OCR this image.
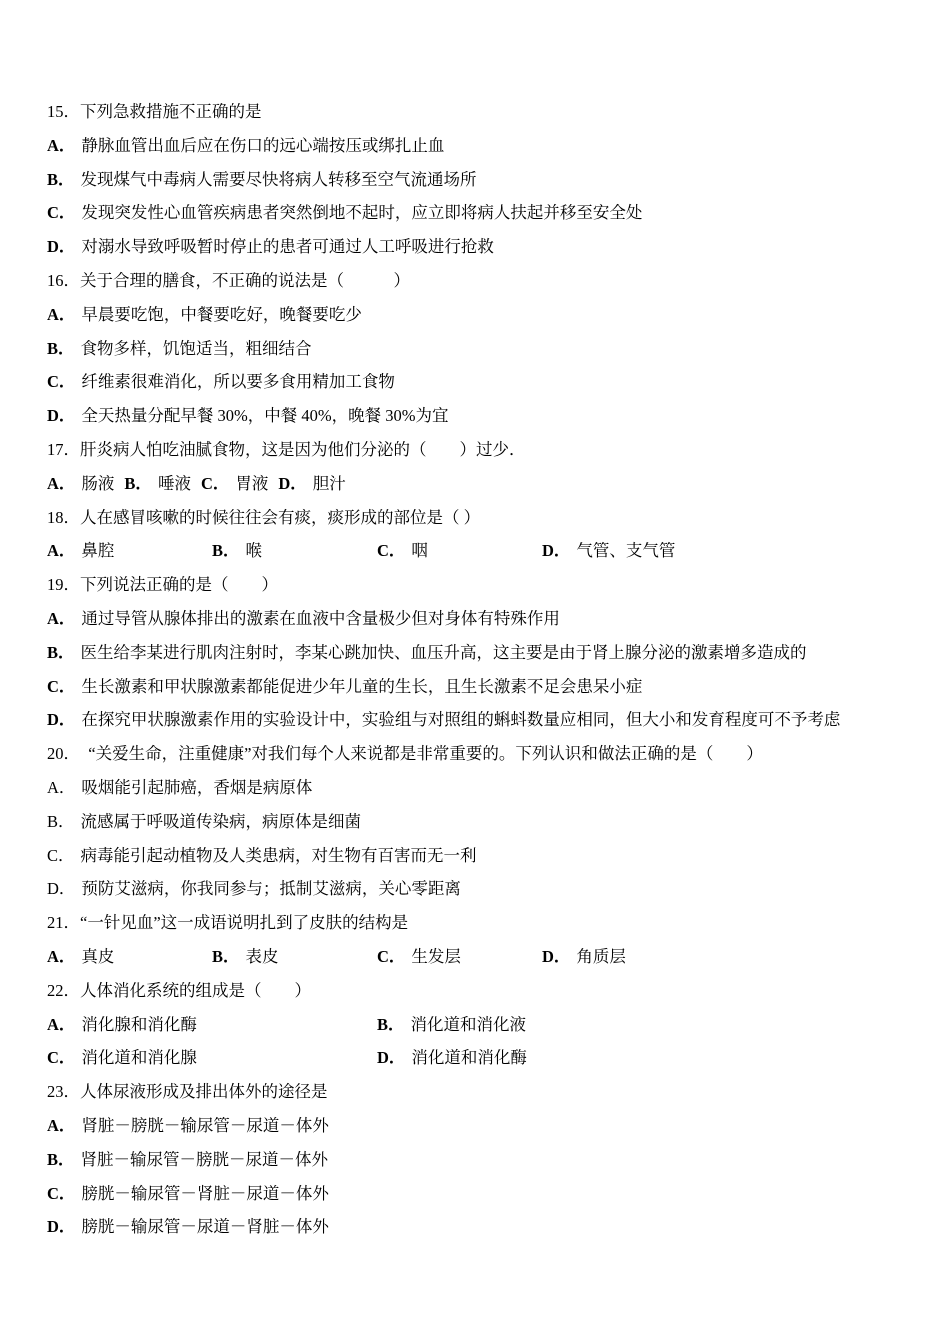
15．下列急救措施不正确的是
A． 静脉血管出血后应在伤口的远心端按压或绑扎止血
B． 发现煤气中毒病人需要尽快将病人转移至空气流通场所
C． 发现突发性心血管疾病患者突然倒地不起时，应立即将病人扶起并移至安全处
D． 对溺水导致呼吸暂时停止的患者可通过人工呼吸进行抢救
16．关于合理的膳食，不正确的说法是（　　　）
A． 早晨要吃饱，中餐要吃好，晚餐要吃少
B． 食物多样，饥饱适当，粗细结合
C． 纤维素很难消化，所以要多食用精加工食物
D． 全天热量分配早餐 30%，中餐 40%，晚餐 30%为宜
17．肝炎病人怕吃油腻食物，这是因为他们分泌的（　　）过少．
A． 肠液 B． 唾液 C． 胃液 D． 胆汁
18．人在感冒咳嗽的时候往往会有痰，痰形成的部位是（ ）
A． 鼻腔	B． 喉	C． 咽	D． 气管、支气管
19．下列说法正确的是（　　）
A． 通过导管从腺体排出的激素在血液中含量极少但对身体有特殊作用
B． 医生给李某进行肌肉注射时，李某心跳加快、血压升高，这主要是由于肾上腺分泌的激素增多造成的
C． 生长激素和甲状腺激素都能促进少年儿童的生长，且生长激素不足会患呆小症
D． 在探究甲状腺激素作用的实验设计中，实验组与对照组的蝌蚪数量应相同，但大小和发育程度可不予考虑
20．　“关爱生命，注重健康”对我们每个人来说都是非常重要的。下列认识和做法正确的是（　　）
A． 吸烟能引起肺癌，香烟是病原体
B． 流感属于呼吸道传染病，病原体是细菌
C． 病毒能引起动植物及人类患病，对生物有百害而无一利
D． 预防艾滋病，你我同参与；抵制艾滋病，关心零距离
21．“一针见血”这一成语说明扎到了皮肤的结构是
A． 真皮	B． 表皮	C． 生发层	D． 角质层
22．人体消化系统的组成是（　　）
A． 消化腺和消化酶	B． 消化道和消化液
C． 消化道和消化腺	D． 消化道和消化酶
23．人体尿液形成及排出体外的途径是
A． 肾脏－膀胱－输尿管－尿道－体外
B． 肾脏－输尿管－膀胱－尿道－体外
C． 膀胱－输尿管－肾脏－尿道－体外
D． 膀胱－输尿管－尿道－肾脏－体外
